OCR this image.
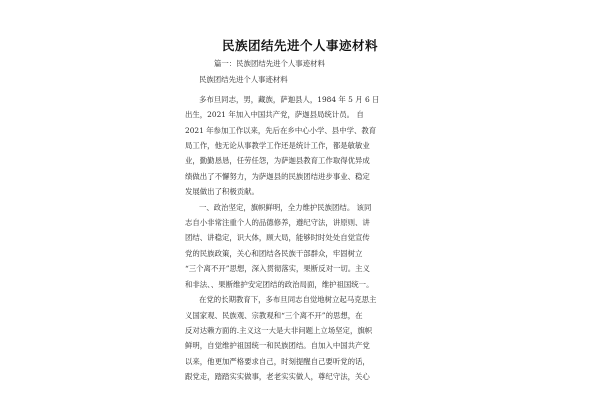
民族团结先进个人事迹材料

篇一：民族团结先进个人事迹材料

民族团结先进个人事迹材料

多布旦同志，男，藏族，萨迦县人，1984 年 5 月 6 日

出生，2021 年加入中国共产党，萨迦县局统计员。 自

2021 年参加工作以来，先后在乡中心小学、县中学、教育

局工作，他无论从事教学工作还是统计工作，都是敏敏业

业，勤勤恳恳，任劳任怨，为萨迦县教育工作取得优异成

绩做出了不懈努力，为萨迦县的民族团结进步事业、稳定

发展做出了积极贡献。

一、政治坚定，旗帜鲜明，全力维护民族团结。 该同

志自小非常注重个人的品德修养，遵纪守法，讲原则、讲

团结、讲稳定，识大体，顾大局，能够时时处处自觉宣传

党的民族政策，关心和团结各民族干部群众，牢固树立

“三个离不开”思想，深入贯彻落实，果断反对一切。主义

和非法、、果断维护安定团结的政治局面，维护祖国统一。

在党的长期教育下，多布旦同志自觉地树立起马克思主

义国家观、民族观、宗教观和“三个离不开”的思想，在

反对达赖方面的.主义这一大是大非问题上立场坚定，旗帜

鲜明，自觉维护祖国统一和民族团结。自加入中国共产党

以来，他更加严格要求自己，时刻提醒自己要听党的话，

跟党走，踏踏实实做事，老老实实做人，尊纪守法，关心
